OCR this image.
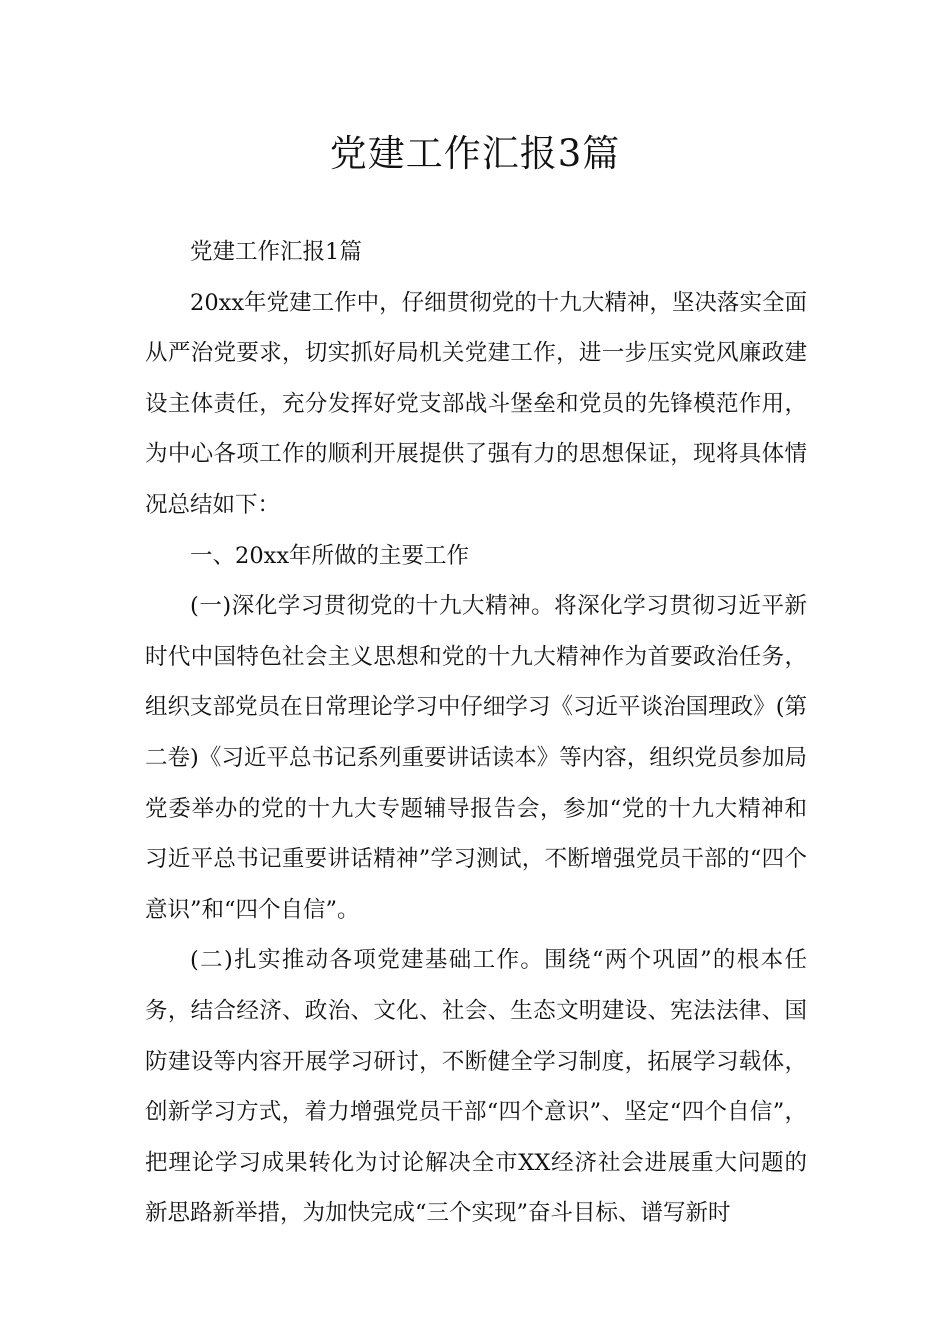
党建工作汇报3篇

党建工作汇报1篇

20xx年党建工作中，仔细贯彻党的十九大精神，坚决落实全面从严治党要求，切实抓好局机关党建工作，进一步压实党风廉政建设主体责任，充分发挥好党支部战斗堡垒和党员的先锋模范作用，为中心各项工作的顺利开展提供了强有力的思想保证，现将具体情况总结如下：

一、20xx年所做的主要工作

(一)深化学习贯彻党的十九大精神。将深化学习贯彻习近平新时代中国特色社会主义思想和党的十九大精神作为首要政治任务，组织支部党员在日常理论学习中仔细学习《习近平谈治国理政》(第二卷)《习近平总书记系列重要讲话读本》等内容，组织党员参加局党委举办的党的十九大专题辅导报告会，参加“党的十九大精神和习近平总书记重要讲话精神”学习测试，不断增强党员干部的“四个意识”和“四个自信”。

(二)扎实推动各项党建基础工作。围绕“两个巩固”的根本任务，结合经济、政治、文化、社会、生态文明建设、宪法法律、国防建设等内容开展学习研讨，不断健全学习制度，拓展学习载体，创新学习方式，着力增强党员干部“四个意识”、坚定“四个自信”，把理论学习成果转化为讨论解决全市XX经济社会进展重大问题的新思路新举措，为加快完成“三个实现”奋斗目标、谱写新时
